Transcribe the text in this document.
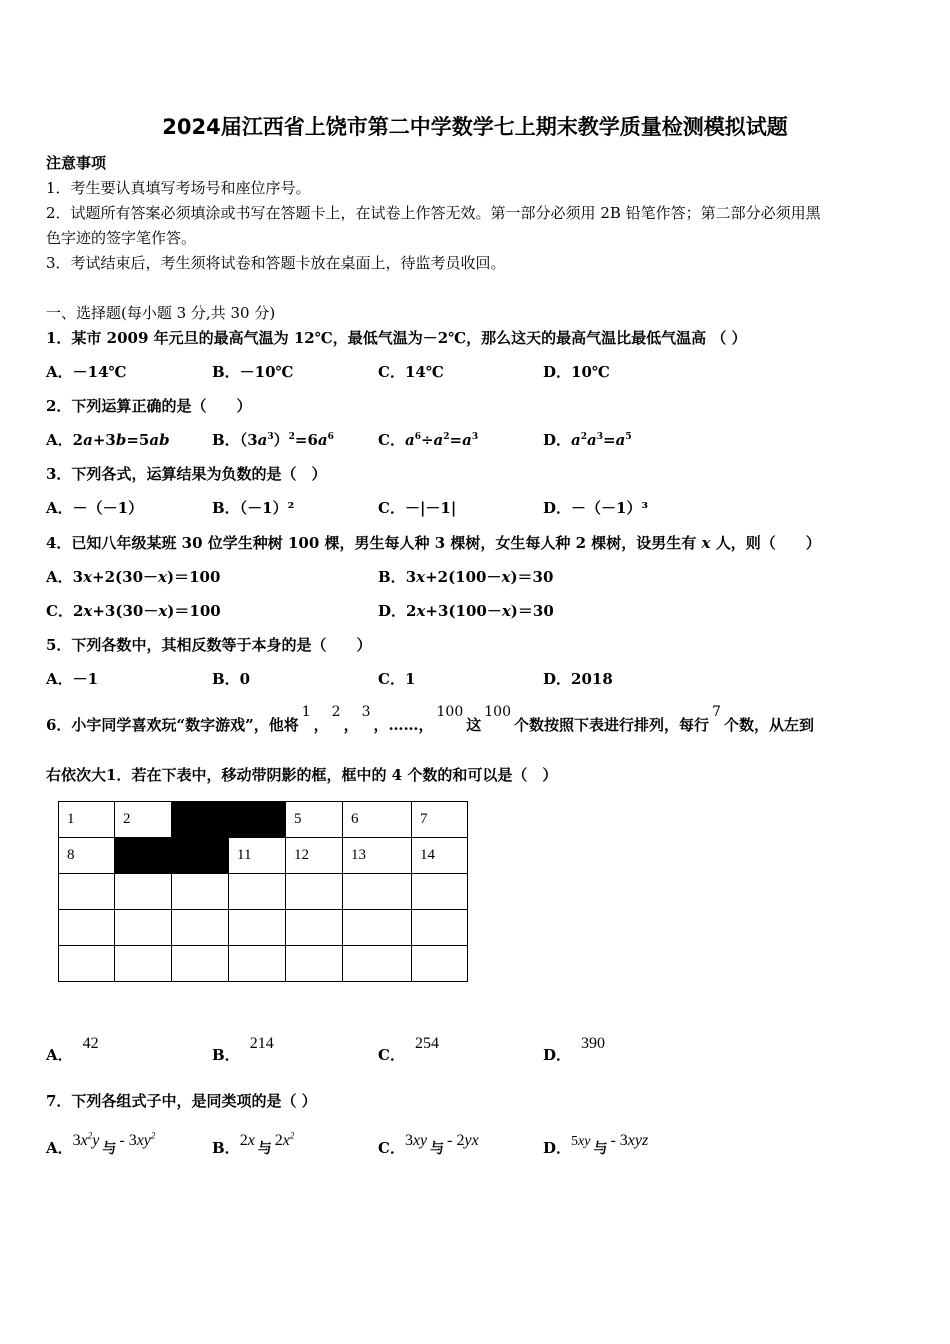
2024届江西省上饶市第二中学数学七上期末教学质量检测模拟试题
注意事项
1．考生要认真填写考场号和座位序号。
2．试题所有答案必须填涂或书写在答题卡上，在试卷上作答无效。第一部分必须用 2B 铅笔作答；第二部分必须用黑
色字迹的签字笔作答。
3．考试结束后，考生须将试卷和答题卡放在桌面上，待监考员收回。
一、选择题(每小题 3 分,共 30 分)
1．某市 2009 年元旦的最高气温为 12℃，最低气温为－2℃，那么这天的最高气温比最低气温高 （ ）
A．－14℃	B．－10℃	C．14℃	D．10℃
2．下列运算正确的是（　　）
A．2a+3b=5ab	B．$(3a^3)^2=6a^6$	C．$a^6\div a^2=a^3$	D．$a^2a^3=a^5$
3．下列各式，运算结果为负数的是（　）
A．－（－1）	B．（－1）²	C．－|－1|	D．－（－1）³
4．已知八年级某班 30 位学生种树 100 棵，男生每人种 3 棵树，女生每人种 2 棵树，设男生有 x 人，则（　　）
A．3x+2(30－x)＝100	B．3x+2(100－x)＝30
C．2x+3(30－x)＝100	D．2x+3(100－x)＝30
5．下列各数中，其相反数等于本身的是（　　）
A．－1	B．0	C．1	D．2018
6．小宇同学喜欢玩“数字游戏”，他将1，2，3，……，100这100个数按照下表进行排列，每行7个数，从左到
右依次大1．若在下表中，移动带阴影的框，框中的 4 个数的和可以是（　）
1	2			5	6	7
8			11	12	13	14

A．42
B．214
C．254
D．390
7．下列各组式子中，是同类项的是（ ）
A．$3x^2y$ 与 - $3xy^2$
B．2x 与 $2x^2$
C．3xy 与 - 2yx	D．5xy 与 - 3xyz
